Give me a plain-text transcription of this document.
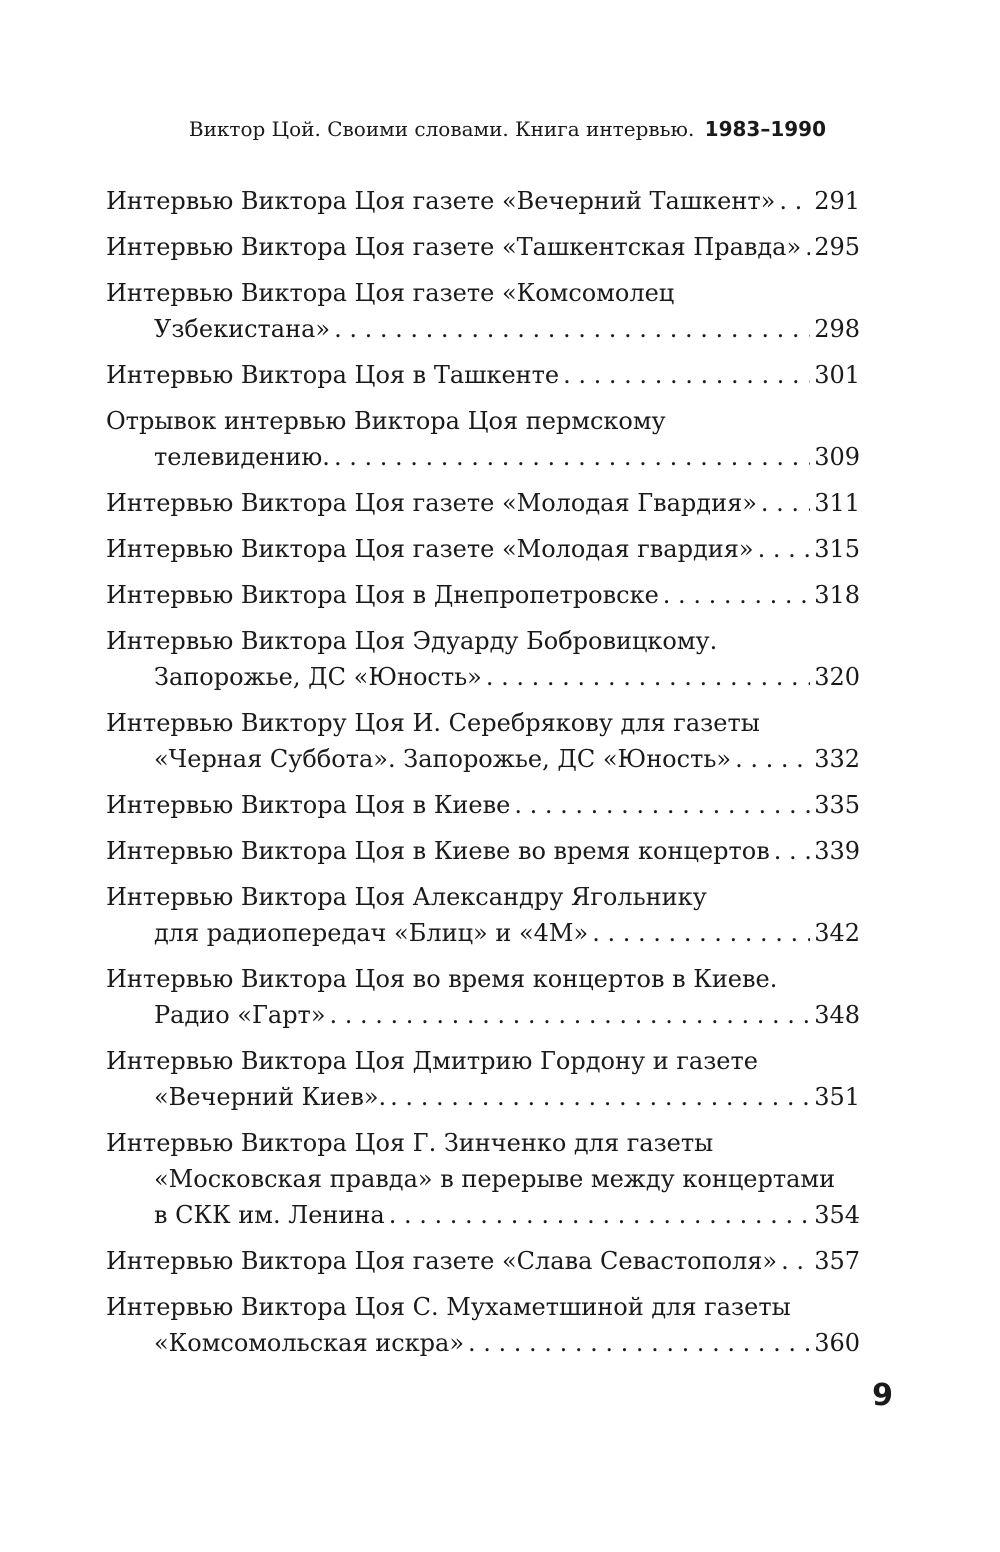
Виктор Цой. Своими словами. Книга интервью. 1983–1990
Интервью Виктора Цоя газете «Вечерний Ташкент» . . . 291
Интервью Виктора Цоя газете «Ташкентская Правда» . . . 295
Интервью Виктора Цоя газете «Комсомолец
Узбекистана» . . .	298
Интервью Виктора Цоя в Ташкенте . . .	301
Отрывок интервью Виктора Цоя пермскому
телевидению. . . .	309
Интервью Виктора Цоя газете «Молодая Гвардия» . . . 311
Интервью Виктора Цоя газете «Молодая гвардия» . . .	315
Интервью Виктора Цоя в Днепропетровске . . .	318
Интервью Виктора Цоя Эдуарду Бобровицкому.
Запорожье, ДС «Юность» . . .	320
Интервью Виктору Цоя И. Серебрякову для газеты
«Черная Суббота». Запорожье, ДС «Юность» . . .	332
Интервью Виктора Цоя в Киеве . . .	335
Интервью Виктора Цоя в Киеве во время концертов . . . 339
Интервью Виктора Цоя Александру Ягольнику
для радиопередач «Блиц» и «4М» . . .	342
Интервью Виктора Цоя во время концертов в Киеве.
Радио «Гарт» . . .	348
Интервью Виктора Цоя Дмитрию Гордону и газете
«Вечерний Киев». . . .	351
Интервью Виктора Цоя Г. Зинченко для газеты
«Московская правда» в перерыве между концертами
в СКК им. Ленина . . .	354
Интервью Виктора Цоя газете «Слава Севастополя» . . . 357
Интервью Виктора Цоя С. Мухаметшиной для газеты
«Комсомольская искра» . . .	360
9
